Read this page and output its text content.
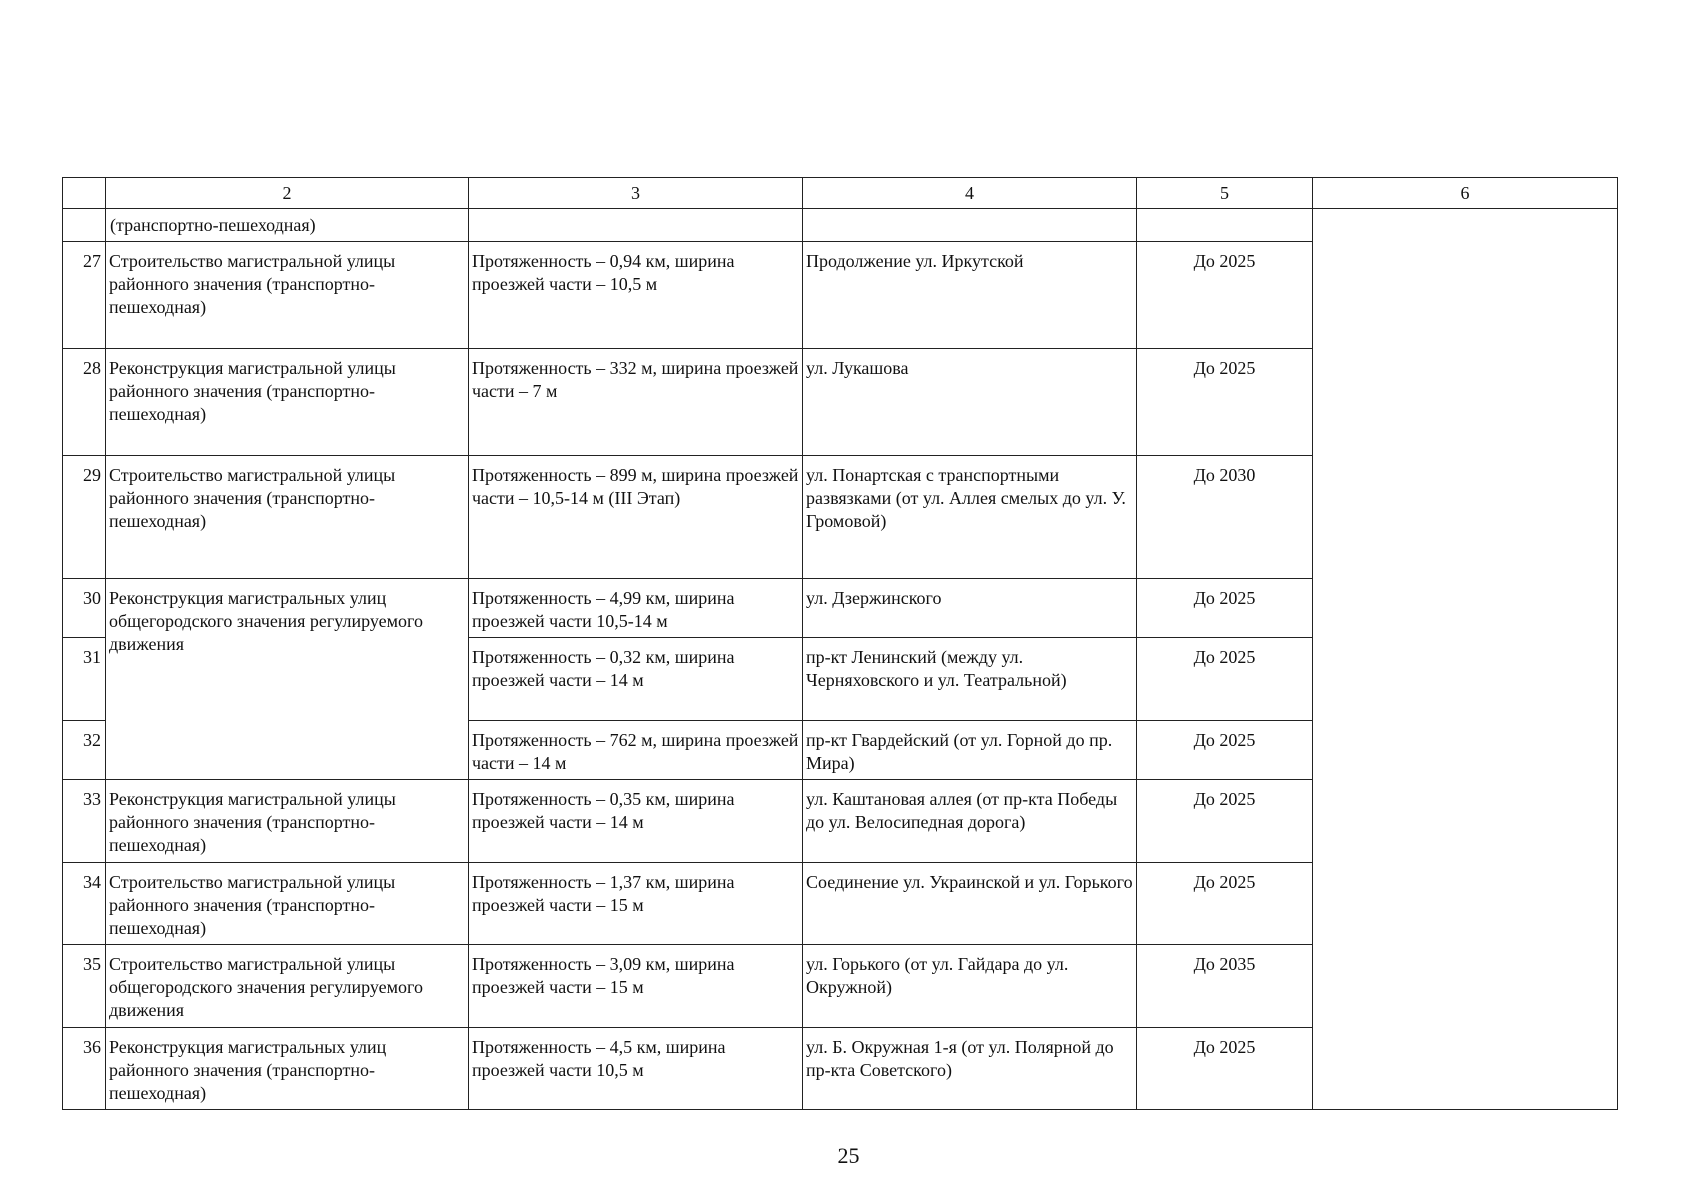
	2	3	4	5	6
	(транспортно-пешеходная)				
27	Строительство магистральной улицы районного значения (транспортно-пешеходная)	Протяженность – 0,94 км, ширина проезжей части – 10,5 м	Продолжение ул. Иркутской	До 2025	
28	Реконструкция магистральной улицы районного значения (транспортно-пешеходная)	Протяженность – 332 м, ширина проезжей части – 7 м	ул. Лукашова	До 2025	
29	Строительство магистральной улицы районного значения (транспортно-пешеходная)	Протяженность – 899 м, ширина проезжей части – 10,5-14 м (III Этап)	ул. Понартская с транспортными развязками (от ул. Аллея смелых до ул. У. Громовой)	До 2030	
30	Реконструкция магистральных улиц общегородского значения регулируемого движения	Протяженность – 4,99 км, ширина проезжей части 10,5-14 м	ул. Дзержинского	До 2025	
31		Протяженность – 0,32 км, ширина проезжей части – 14 м	пр-кт Ленинский (между ул. Черняховского и ул. Театральной)	До 2025	
32		Протяженность – 762 м, ширина проезжей части – 14 м	пр-кт Гвардейский (от ул. Горной до пр. Мира)	До 2025	
33	Реконструкция магистральной улицы районного значения (транспортно-пешеходная)	Протяженность – 0,35 км, ширина проезжей части – 14 м	ул. Каштановая аллея (от пр-кта Победы до ул. Велосипедная дорога)	До 2025	
34	Строительство магистральной улицы районного значения (транспортно-пешеходная)	Протяженность – 1,37 км, ширина проезжей части – 15 м	Соединение ул. Украинской и ул. Горького	До 2025	
35	Строительство магистральной улицы общегородского значения регулируемого движения	Протяженность – 3,09 км, ширина проезжей части – 15 м	ул. Горького (от ул. Гайдара до ул. Окружной)	До 2035	
36	Реконструкция магистральных улиц районного значения (транспортно-пешеходная)	Протяженность – 4,5 км, ширина проезжей части 10,5 м	ул. Б. Окружная 1-я (от ул. Полярной до пр-кта Советского)	До 2025	
25
